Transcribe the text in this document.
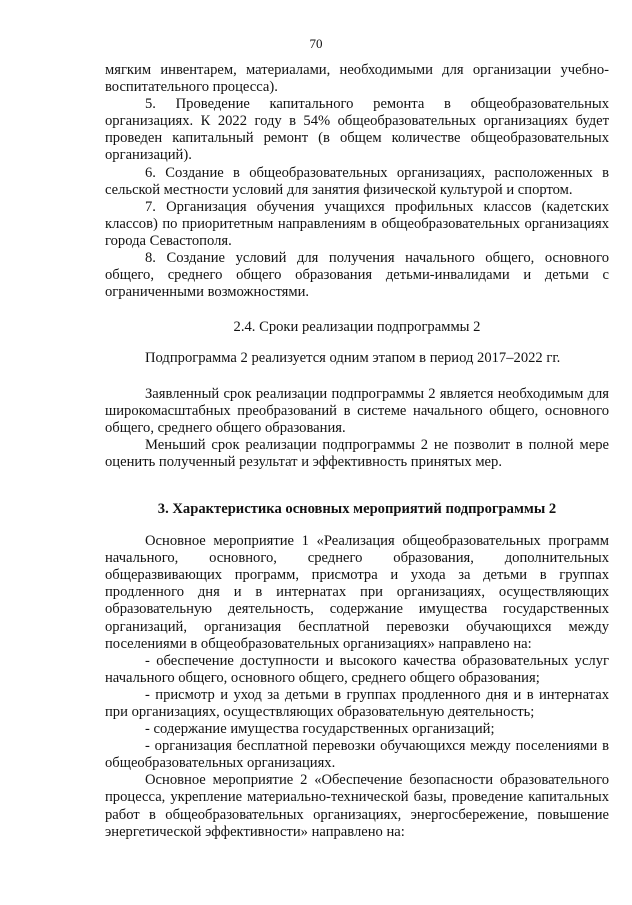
70

мягким инвентарем, материалами, необходимыми для организации учебно-воспитательного процесса).

5. Проведение капитального ремонта в общеобразовательных организациях. К 2022 году в 54% общеобразовательных организациях будет проведен капитальный ремонт (в общем количестве общеобразовательных организаций).

6. Создание в общеобразовательных организациях, расположенных в сельской местности условий для занятия физической культурой и спортом.

7. Организация обучения учащихся профильных классов (кадетских классов) по приоритетным направлениям в общеобразовательных организациях города Севастополя.

8. Создание условий для получения начального общего, основного общего, среднего общего образования детьми-инвалидами и детьми с ограниченными возможностями.

2.4. Сроки реализации подпрограммы 2

Подпрограмма 2 реализуется одним этапом в период 2017–2022 гг.

Заявленный срок реализации подпрограммы 2 является необходимым для широкомасштабных преобразований в системе начального общего, основного общего, среднего общего образования.

Меньший срок реализации подпрограммы 2 не позволит в полной мере оценить полученный результат и эффективность принятых мер.

3. Характеристика основных мероприятий подпрограммы 2

Основное мероприятие 1 «Реализация общеобразовательных программ начального, основного, среднего образования, дополнительных общеразвивающих программ, присмотра и ухода за детьми в группах продленного дня и в интернатах при организациях, осуществляющих образовательную деятельность, содержание имущества государственных организаций, организация бесплатной перевозки обучающихся между поселениями в общеобразовательных организациях» направлено на:

- обеспечение доступности и высокого качества образовательных услуг начального общего, основного общего, среднего общего образования;

- присмотр и уход за детьми в группах продленного дня и в интернатах при организациях, осуществляющих образовательную деятельность;

- содержание имущества государственных организаций;

- организация бесплатной перевозки обучающихся между поселениями в общеобразовательных организациях.

Основное мероприятие 2 «Обеспечение безопасности образовательного процесса, укрепление материально-технической базы, проведение капитальных работ в общеобразовательных организациях, энергосбережение, повышение энергетической эффективности» направлено на:
